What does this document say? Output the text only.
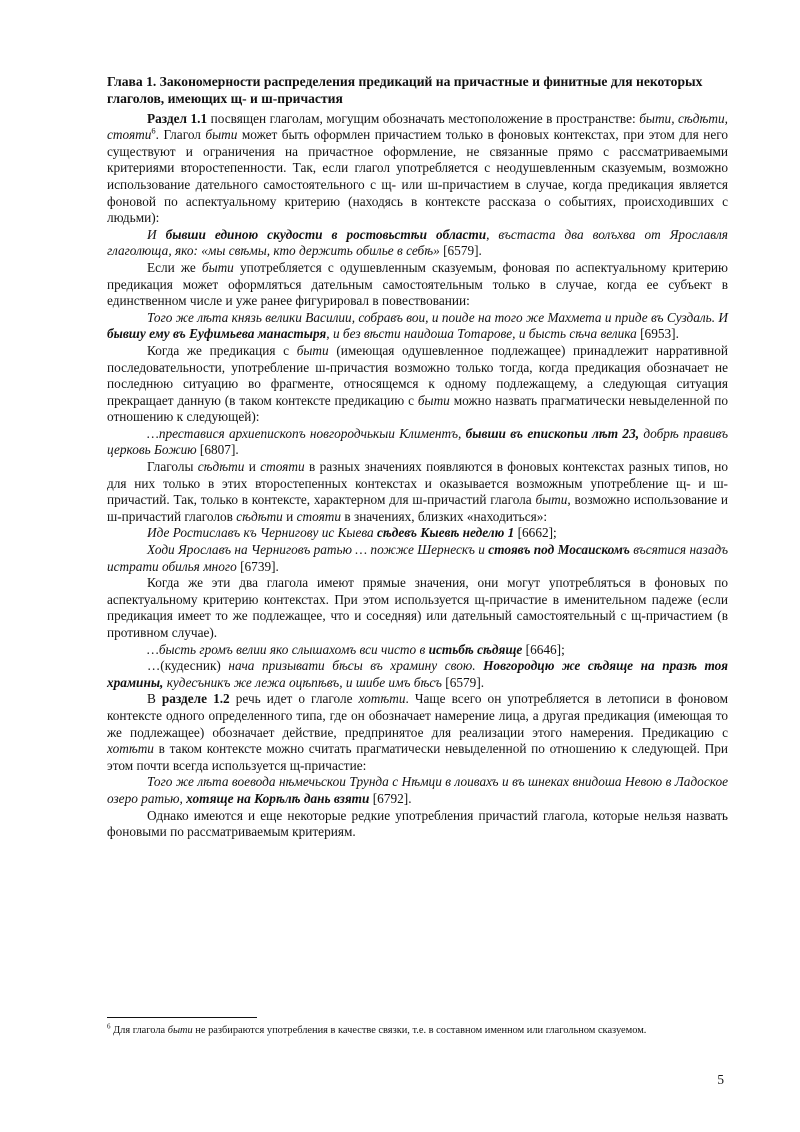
Глава 1. Закономерности распределения предикаций на причастные и финитные для некоторых глаголов, имеющих щ- и ш-причастия

Раздел 1.1 посвящен глаголам, могущим обозначать местоположение в пространстве: быти, сѣдѣти, стояти$^6$. Глагол быти может быть оформлен причастием только в фоновых контекстах, при этом для него существуют и ограничения на причастное оформление, не связанные прямо с рассматриваемыми критериями второстепенности. Так, если глагол употребляется с неодушевленным сказуемым, возможно использование дательного самостоятельного с щ- или ш-причастием в случае, когда предикация является фоновой по аспектуальному критерию (находясь в контексте рассказа о событиях, происходивших с людьми):

И бывши единою скудости в ростовьстѣи области, въстаста два волъхва от Ярославля глаголюща, яко: «мы свѣмы, кто держить обилье в себѣ» [6579].

Если же быти употребляется с одушевленным сказуемым, фоновая по аспектуальному критерию предикация может оформляться дательным самостоятельным только в случае, когда ее субъект в единственном числе и уже ранее фигурировал в повествовании:

Того же лѣта князь велики Василии, собравъ вои, и поиде на того же Махмета и приде въ Суздаль. И бывшу ему въ Еуфимьева манастыря, и без вѣсти наидоша Тотарове, и бысть сѣча велика [6953].

Когда же предикация с быти (имеющая одушевленное подлежащее) принадлежит нарративной последовательности, употребление ш-причастия возможно только тогда, когда предикация обозначает не последнюю ситуацию во фрагменте, относящемся к одному подлежащему, а следующая ситуация прекращает данную (в таком контексте предикацию с быти можно назвать прагматически невыделенной по отношению к следующей):

…преставися архиепископъ новгородчькыи Климентъ, бывши въ епископьи лѣт 23, добрѣ правивъ церковь Божию [6807].

Глаголы сѣдѣти и стояти в разных значениях появляются в фоновых контекстах разных типов, но для них только в этих второстепенных контекстах и оказывается возможным употребление щ- и ш-причастий. Так, только в контексте, характерном для ш-причастий глагола быти, возможно использование и ш-причастий глаголов сѣдѣти и стояти в значениях, близких «находиться»:

Иде Ростиславъ къ Чернигову ис Кыева сѣдевъ Кыевѣ неделю 1 [6662];

Ходи Ярославъ на Черниговъ ратью … пожже Шернескъ и стоявъ под Мосаискомъ въсятися назадъ истрати обилья много [6739].

Когда же эти два глагола имеют прямые значения, они могут употребляться в фоновых по аспектуальному критерию контекстах. При этом используется щ-причастие в именительном падеже (если предикация имеет то же подлежащее, что и соседняя) или дательный самостоятельный с щ-причастием (в противном случае).

…бысть громъ велии яко слышахомъ вси чисто в истьбѣ сѣдяще [6646];

…(кудесник) нача призывати бѣсы въ храмину свою. Новгородцю же сѣдяще на празѣ тоя храмины, кудесъникъ же лежа оцѣпѣвъ, и шибе имъ бѣсъ [6579].

В разделе 1.2 речь идет о глаголе хотѣти. Чаще всего он употребляется в летописи в фоновом контексте одного определенного типа, где он обозначает намерение лица, а другая предикация (имеющая то же подлежащее) обозначает действие, предпринятое для реализации этого намерения. Предикацию с хотѣти в таком контексте можно считать прагматически невыделенной по отношению к следующей. При этом почти всегда используется щ-причастие:

Того же лѣта воевода нѣмечьскои Трунда с Нѣмци в лоивахъ и въ шнеках внидоша Невою в Ладоское озеро ратью, хотяще на Корѣлѣ дань взяти [6792].

Однако имеются и еще некоторые редкие употребления причастий глагола, которые нельзя назвать фоновыми по рассматриваемым критериям.

$^6$ Для глагола быти не разбираются употребления в качестве связки, т.е. в составном именном или глагольном сказуемом.
5
